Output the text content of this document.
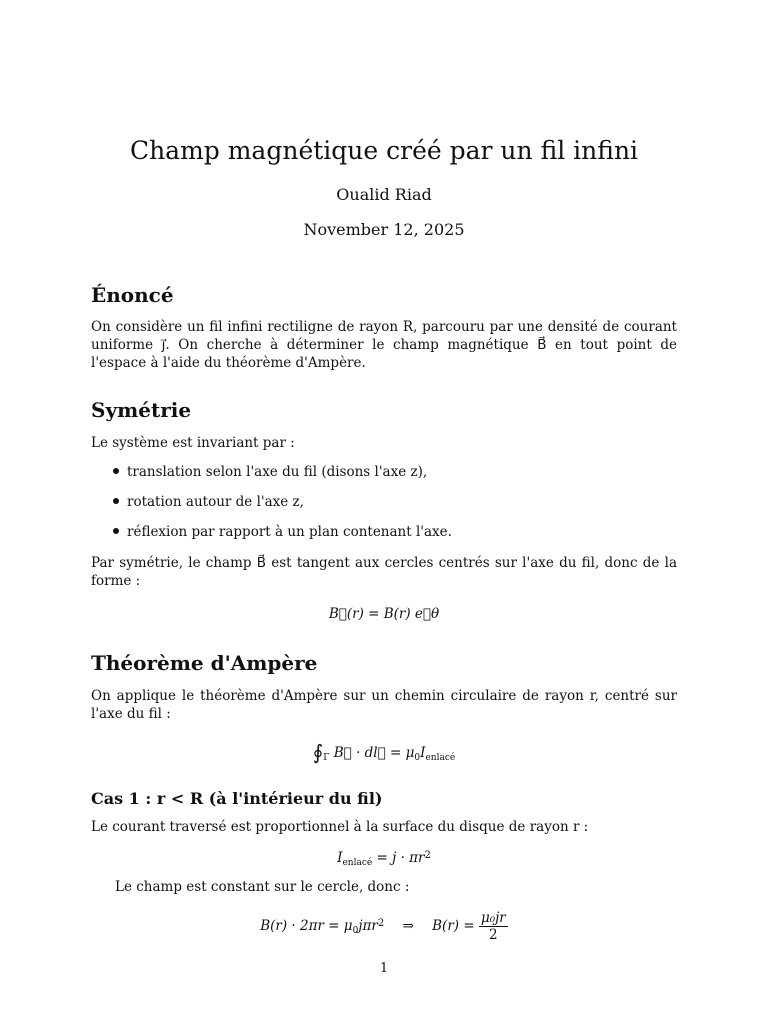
Champ magnétique créé par un fil infini
Oualid Riad
November 12, 2025
Énoncé
On considère un fil infini rectiligne de rayon R, parcouru par une densité de courant uniforme j⃗. On cherche à déterminer le champ magnétique B⃗ en tout point de l'espace à l'aide du théorème d'Ampère.
Symétrie
Le système est invariant par :
translation selon l'axe du fil (disons l'axe z),
rotation autour de l'axe z,
réflexion par rapport à un plan contenant l'axe.
Par symétrie, le champ B⃗ est tangent aux cercles centrés sur l'axe du fil, donc de la forme :
B⃗(r) = B(r) e⃗θ
Théorème d'Ampère
On applique le théorème d'Ampère sur un chemin circulaire de rayon r, centré sur l'axe du fil :
$∮_\Gamma$ B⃗ · dl⃗ = $\mu_0I_{enlacé}$
Cas 1 : r < R (à l'intérieur du fil)
Le courant traversé est proportionnel à la surface du disque de rayon r :
$I_{enlacé} = j \cdot \pi r^2$
Le champ est constant sur le cercle, donc :
$B(r) \cdot 2\pi r = \mu_0j\pi r^2$ ⇒ $B(r) = \frac{\text{μ₀jr}}{2}$
1
